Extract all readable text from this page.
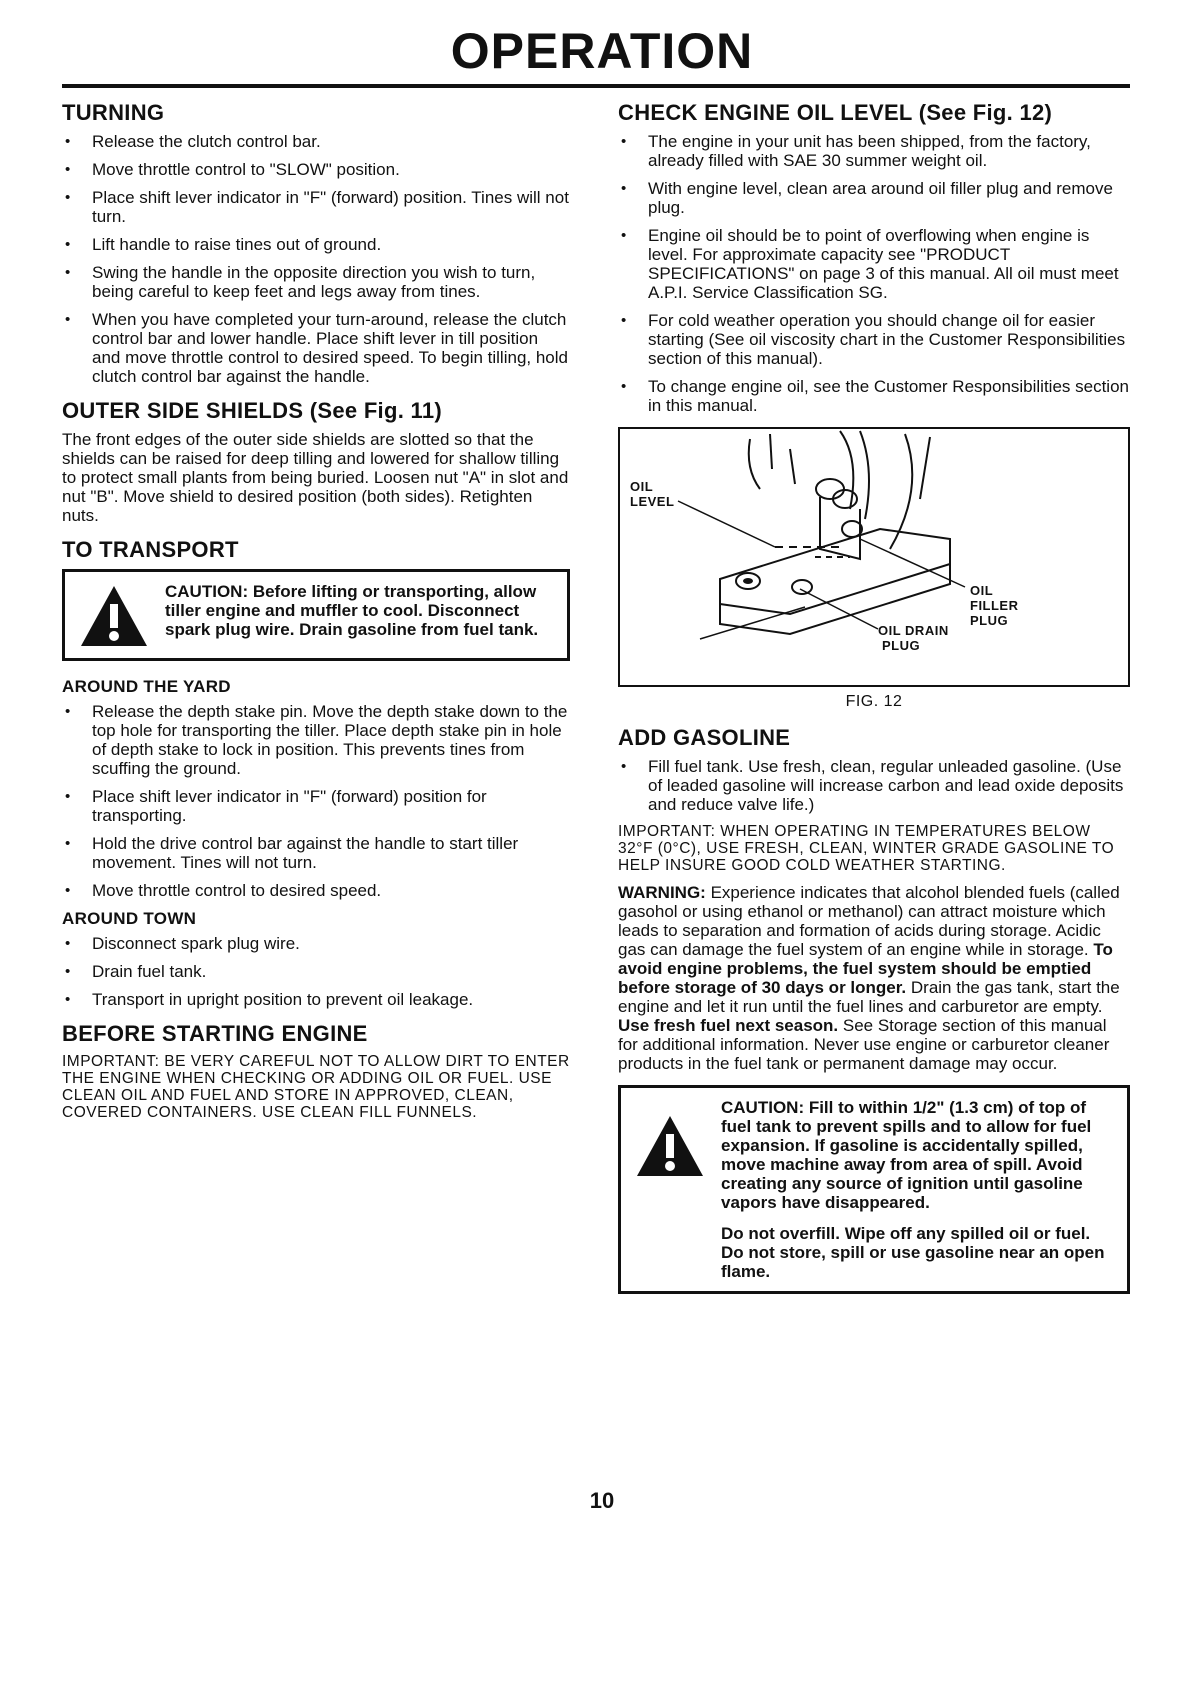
OPERATION
TURNING
• Release the clutch control bar.
• Move throttle control to "SLOW" position.
• Place shift lever indicator in "F" (forward) position. Tines will not turn.
• Lift handle to raise tines out of ground.
• Swing the handle in the opposite direction you wish to turn, being careful to keep feet and legs away from tines.
• When you have completed your turn-around, release the clutch control bar and lower handle. Place shift lever in till position and move throttle control to desired speed. To begin tilling, hold clutch control bar against the handle.
OUTER SIDE SHIELDS (See Fig. 11)

The front edges of the outer side shields are slotted so that the shields can be raised for deep tilling and lowered for shallow tilling to protect small plants from being buried. Loosen nut "A" in slot and nut "B". Move shield to desired position (both sides). Retighten nuts.

TO TRANSPORT
CAUTION: Before lifting or transporting, allow tiller engine and muffler to cool. Disconnect spark plug wire. Drain gasoline from fuel tank.
AROUND THE YARD
• Release the depth stake pin. Move the depth stake down to the top hole for transporting the tiller. Place depth stake pin in hole of depth stake to lock in position. This prevents tines from scuffing the ground.
• Place shift lever indicator in "F" (forward) position for transporting.
• Hold the drive control bar against the handle to start tiller movement. Tines will not turn.
• Move throttle control to desired speed.
AROUND TOWN
• Disconnect spark plug wire.
• Drain fuel tank.
• Transport in upright position to prevent oil leakage.
BEFORE STARTING ENGINE

IMPORTANT: BE VERY CAREFUL NOT TO ALLOW DIRT TO ENTER THE ENGINE WHEN CHECKING OR ADDING OIL OR FUEL. USE CLEAN OIL AND FUEL AND STORE IN APPROVED, CLEAN, COVERED CONTAINERS. USE CLEAN FILL FUNNELS.

CHECK ENGINE OIL LEVEL (See Fig. 12)
• The engine in your unit has been shipped, from the factory, already filled with SAE 30 summer weight oil.
• With engine level, clean area around oil filler plug and remove plug.
• Engine oil should be to point of overflowing when engine is level. For approximate capacity see "PRODUCT SPECIFICATIONS" on page 3 of this manual. All oil must meet A.P.I. Service Classification SG.
• For cold weather operation you should change oil for easier starting (See oil viscosity chart in the Customer Responsibilities section of this manual).
• To change engine oil, see the Customer Responsibilities section in this manual.
OIL
LEVEL
OIL
FILLER
PLUG
OIL DRAIN
PLUG
FIG. 12
ADD GASOLINE
• Fill fuel tank. Use fresh, clean, regular unleaded gasoline. (Use of leaded gasoline will increase carbon and lead oxide deposits and reduce valve life.)

IMPORTANT: WHEN OPERATING IN TEMPERATURES BELOW 32°F (0°C), USE FRESH, CLEAN, WINTER GRADE GASOLINE TO HELP INSURE GOOD COLD WEATHER STARTING.

WARNING: Experience indicates that alcohol blended fuels (called gasohol or using ethanol or methanol) can attract moisture which leads to separation and formation of acids during storage. Acidic gas can damage the fuel system of an engine while in storage. To avoid engine problems, the fuel system should be emptied before storage of 30 days or longer. Drain the gas tank, start the engine and let it run until the fuel lines and carburetor are empty. Use fresh fuel next season. See Storage section of this manual for additional information. Never use engine or carburetor cleaner products in the fuel tank or permanent damage may occur.

CAUTION: Fill to within 1/2" (1.3 cm) of top of fuel tank to prevent spills and to allow for fuel expansion. If gasoline is accidentally spilled, move machine away from area of spill. Avoid creating any source of ignition until gasoline vapors have disappeared.

Do not overfill. Wipe off any spilled oil or fuel. Do not store, spill or use gasoline near an open flame.

10
